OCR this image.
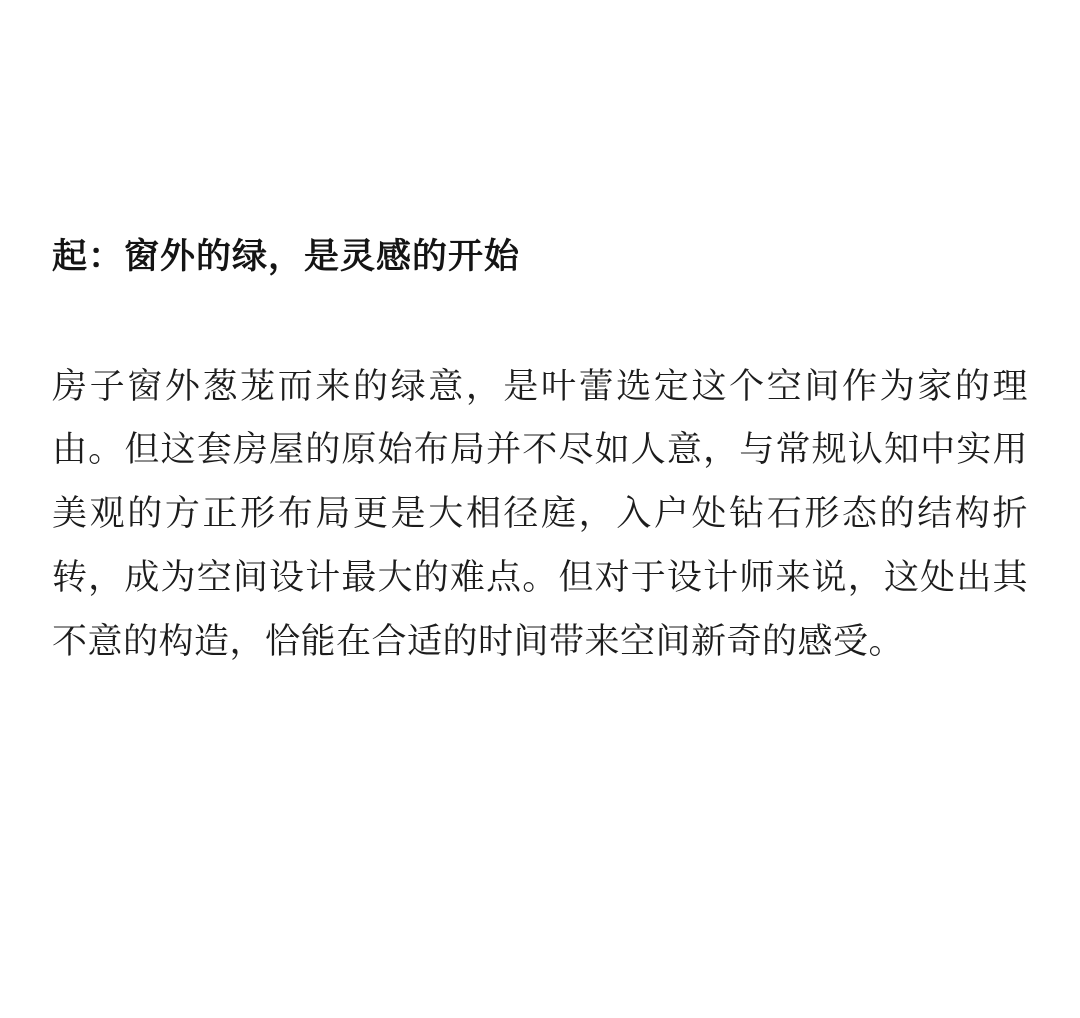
起：窗外的绿，是灵感的开始

房子窗外葱茏而来的绿意，是叶蕾选定这个空间作为家的理由。但这套房屋的原始布局并不尽如人意，与常规认知中实用美观的方正形布局更是大相径庭，入户处钻石形态的结构折转，成为空间设计最大的难点。但对于设计师来说，这处出其不意的构造，恰能在合适的时间带来空间新奇的感受。
